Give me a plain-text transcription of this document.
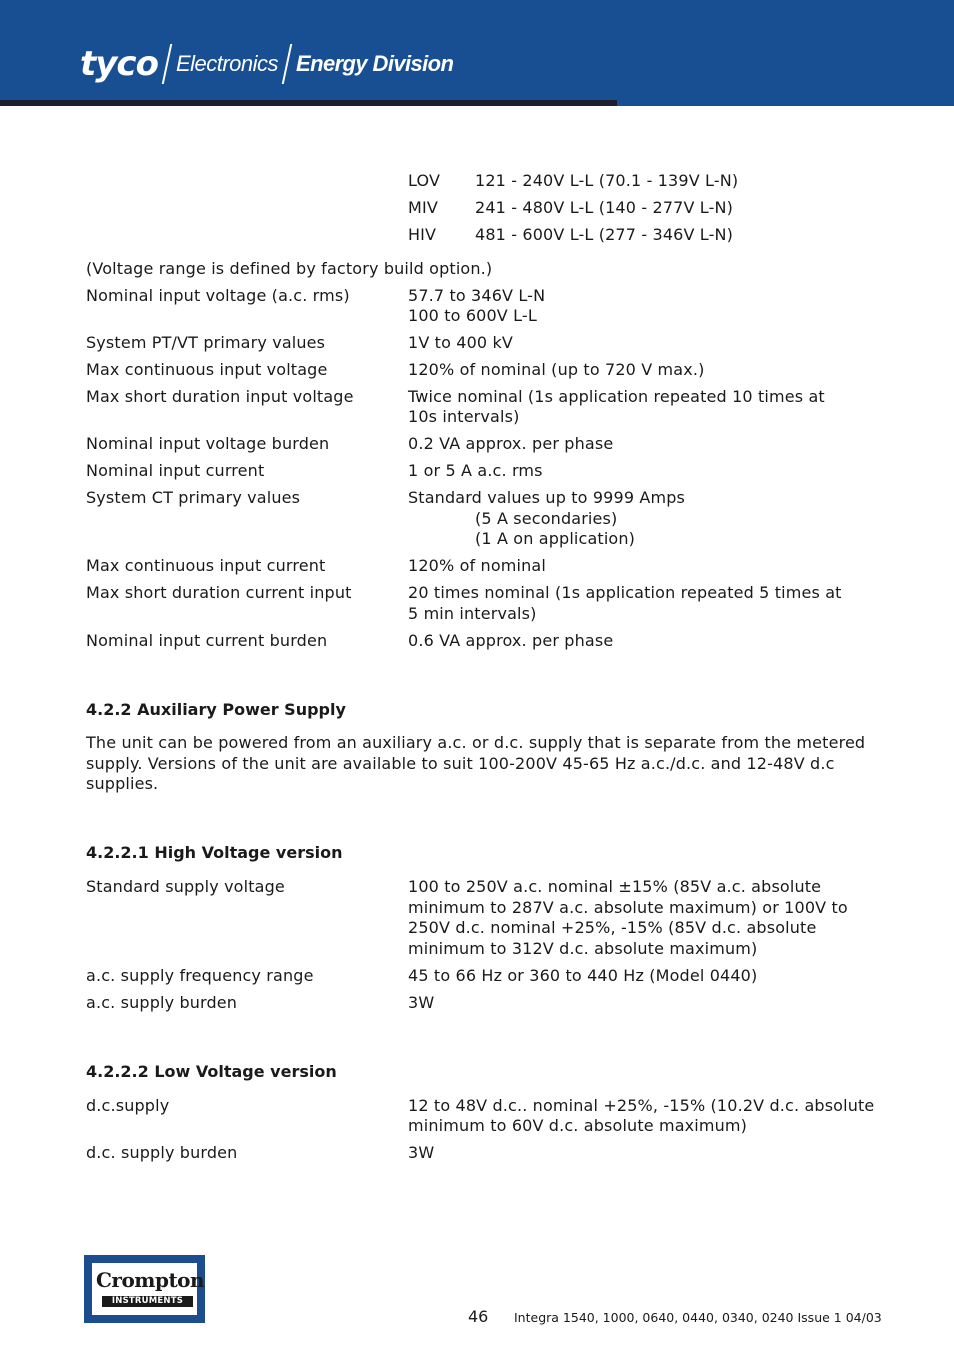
tyco Electronics Energy Division
LOV 121 - 240V L-L (70.1 - 139V L-N)
MIV 241 - 480V L-L (140 - 277V L-N)
HIV 481 - 600V L-L (277 - 346V L-N)
(Voltage range is defined by factory build option.)
Nominal input voltage (a.c. rms)	57.7 to 346V L-N
100 to 600V L-L
System PT/VT primary values	1V to 400 kV
Max continuous input voltage	120% of nominal (up to 720 V max.)
Max short duration input voltage	Twice nominal (1s application repeated 10 times at
10s intervals)
Nominal input voltage burden	0.2 VA approx. per phase
Nominal input current	1 or 5 A a.c. rms
System CT primary values	Standard values up to 9999 Amps
(5 A secondaries)
(1 A on application)
Max continuous input current	120% of nominal
Max short duration current input	20 times nominal (1s application repeated 5 times at
5 min intervals)
Nominal input current burden	0.6 VA approx. per phase
4.2.2 Auxiliary Power Supply
The unit can be powered from an auxiliary a.c. or d.c. supply that is separate from the metered
supply. Versions of the unit are available to suit 100-200V 45-65 Hz a.c./d.c. and 12-48V d.c
supplies.
4.2.2.1 High Voltage version
Standard supply voltage	100 to 250V a.c. nominal ±15% (85V a.c. absolute
minimum to 287V a.c. absolute maximum) or 100V to
250V d.c. nominal +25%, -15% (85V d.c. absolute
minimum to 312V d.c. absolute maximum)
a.c. supply frequency range	45 to 66 Hz or 360 to 440 Hz (Model 0440)
a.c. supply burden	3W
4.2.2.2 Low Voltage version
d.c.supply	12 to 48V d.c.. nominal +25%, -15% (10.2V d.c. absolute
minimum to 60V d.c. absolute maximum)
d.c. supply burden	3W
Crompton
INSTRUMENTS
46 Integra 1540, 1000, 0640, 0440, 0340, 0240 Issue 1 04/03
